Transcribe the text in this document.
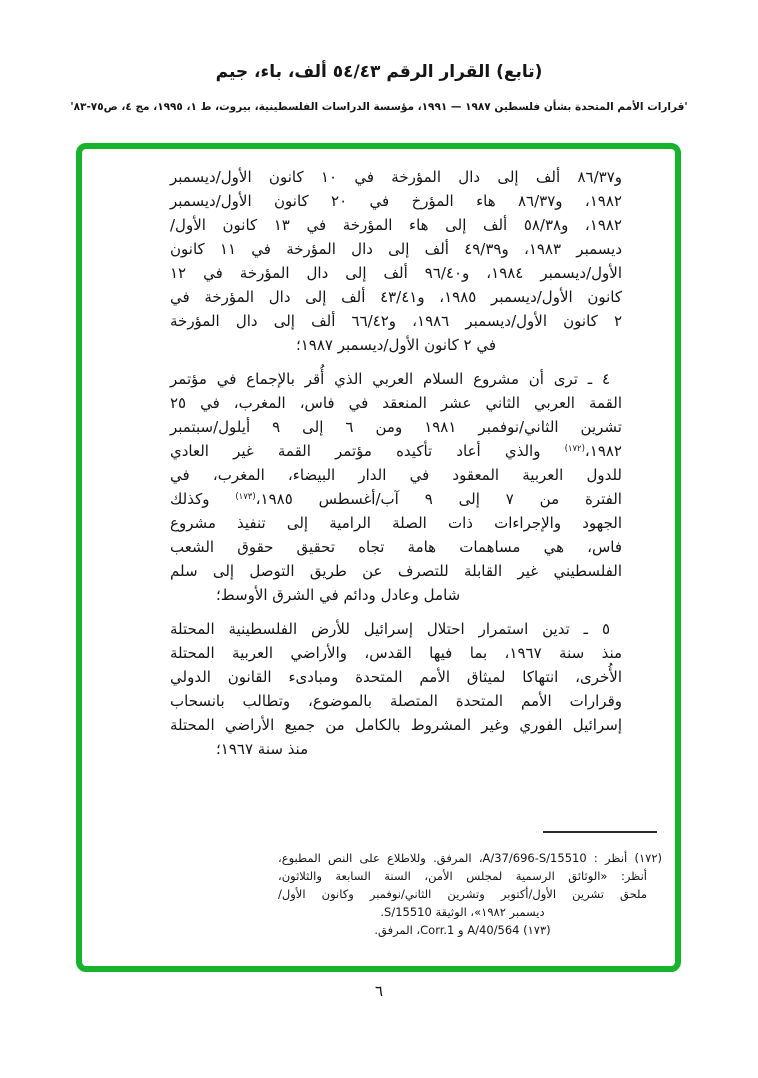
(تابع) القرار الرقم ٥٤/٤٣ ألف، باء، جيم
'قرارات الأمم المتحدة بشأن فلسطين ١٩٨٧ — ١٩٩١، مؤسسة الدراسات الفلسطينية، بيروت، ط ١، ١٩٩٥، مج ٤، ص٧٥-٨٣'
و٨٦/٣٧ ألف إلى دال المؤرخة في ١٠ كانون الأول/ديسمبر
١٩٨٢، و٨٦/٣٧ هاء المؤرخ في ٢٠ كانون الأول/ديسمبر
١٩٨٢، و٥٨/٣٨ ألف إلى هاء المؤرخة في ١٣ كانون الأول/
ديسمبر ١٩٨٣، و٤٩/٣٩ ألف إلى دال المؤرخة في ١١ كانون
الأول/ديسمبر ١٩٨٤، و٩٦/٤٠ ألف إلى دال المؤرخة في ١٢
كانون الأول/ديسمبر ١٩٨٥، و٤٣/٤١ ألف إلى دال المؤرخة في
٢ كانون الأول/ديسمبر ١٩٨٦، و٦٦/٤٢ ألف إلى دال المؤرخة
في ٢ كانون الأول/ديسمبر ١٩٨٧؛
٤ ـ ترى أن مشروع السلام العربي الذي أُقر بالإجماع في مؤتمر
القمة العربي الثاني عشر المنعقد في فاس، المغرب، في ٢٥
تشرين الثاني/نوفمبر ١٩٨١ ومن ٦ إلى ٩ أيلول/سبتمبر
١٩٨٢،$^{(١٧٢)}$ والذي أعاد تأكيده مؤتمر القمة غير العادي
للدول العربية المعقود في الدار البيضاء، المغرب، في
الفترة من ٧ إلى ٩ آب/أغسطس ١٩٨٥،$^{(١٧٣)}$ وكذلك
الجهود والإجراءات ذات الصلة الرامية إلى تنفيذ مشروع
فاس، هي مساهمات هامة تجاه تحقيق حقوق الشعب
الفلسطيني غير القابلة للتصرف عن طريق التوصل إلى سلم
شامل وعادل ودائم في الشرق الأوسط؛
٥ ـ تدين استمرار احتلال إسرائيل للأرض الفلسطينية المحتلة
منذ سنة ١٩٦٧، بما فيها القدس، والأراضي العربية المحتلة
الأُخرى، انتهاكا لميثاق الأمم المتحدة ومبادىء القانون الدولي
وقرارات الأمم المتحدة المتصلة بالموضوع، وتطالب بانسحاب
إسرائيل الفوري وغير المشروط بالكامل من جميع الأراضي المحتلة
منذ سنة ١٩٦٧؛
(١٧٢) أنظر : A/37/696-S/15510، المرفق. وللاطلاع على النص المطبوع،
أنظر: «الوثائق الرسمية لمجلس الأمن، السنة السابعة والثلاثون،
ملحق تشرين الأول/أكتوبر وتشرين الثاني/نوفمبر وكانون الأول/
ديسمبر ١٩٨٢»، الوثيقة S/15510.
(١٧٣) A/40/564 و Corr.1، المرفق.
٦
